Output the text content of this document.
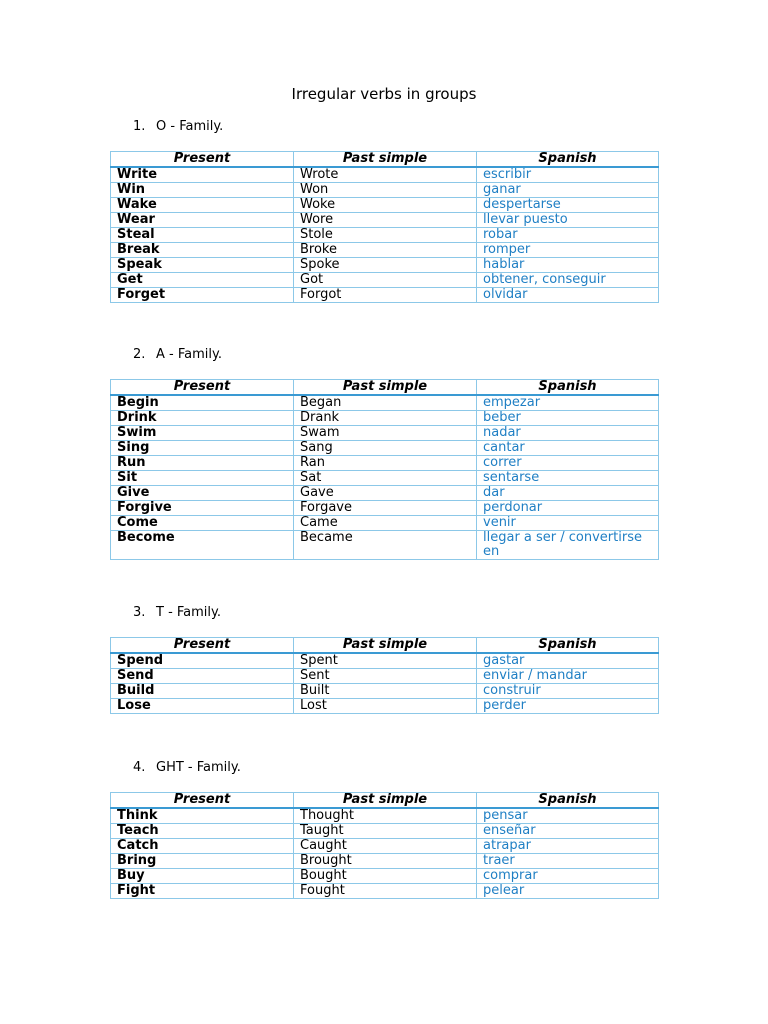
Irregular verbs in groups
1. O - Family.
Present	Past simple	Spanish
Write	Wrote	escribir
Win	Won	ganar
Wake	Woke	despertarse
Wear	Wore	llevar puesto
Steal	Stole	robar
Break	Broke	romper
Speak	Spoke	hablar
Get	Got	obtener, conseguir
Forget	Forgot	olvidar
2. A - Family.
Present	Past simple	Spanish
Begin	Began	empezar
Drink	Drank	beber
Swim	Swam	nadar
Sing	Sang	cantar
Run	Ran	correr
Sit	Sat	sentarse
Give	Gave	dar
Forgive	Forgave	perdonar
Come	Came	venir
Become	Became	llegar a ser / convertirse en
3. T - Family.
Present	Past simple	Spanish
Spend	Spent	gastar
Send	Sent	enviar / mandar
Build	Built	construir
Lose	Lost	perder
4. GHT - Family.
Present	Past simple	Spanish
Think	Thought	pensar
Teach	Taught	enseñar
Catch	Caught	atrapar
Bring	Brought	traer
Buy	Bought	comprar
Fight	Fought	pelear
